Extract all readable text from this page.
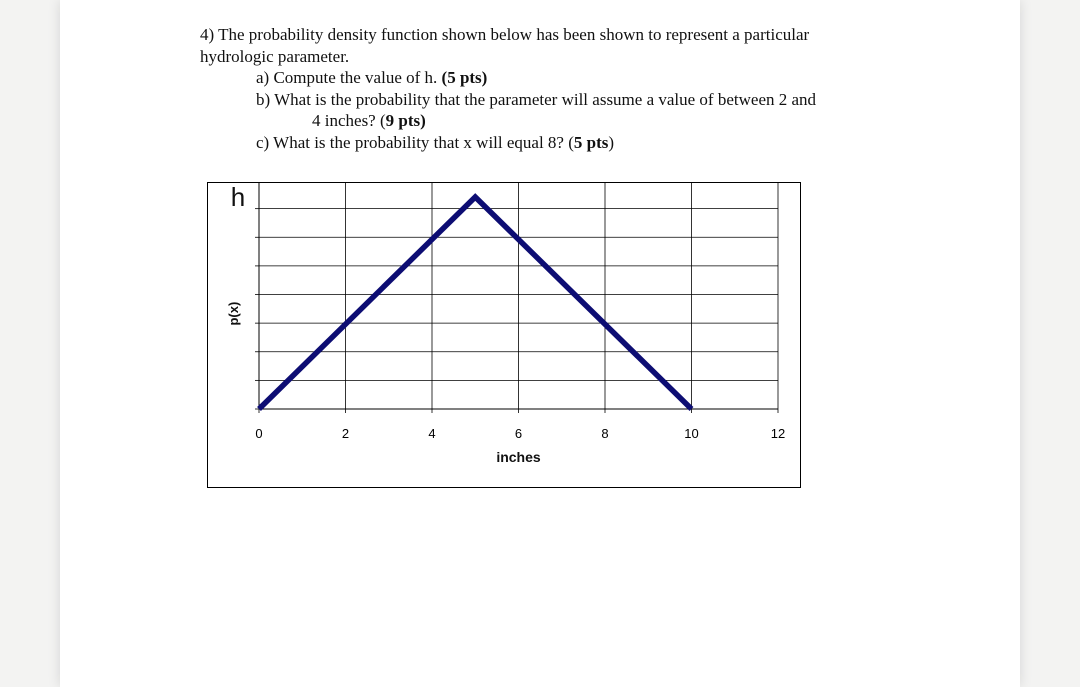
4) The probability density function shown below has been shown to represent a particular

hydrologic parameter.

a) Compute the value of h. (5 pts)

b) What is the probability that the parameter will assume a value of between 2 and

4 inches? (9 pts)

c) What is the probability that x will equal 8? (5 pts)

0	2	4	6	8	10	12
inches
p(x)
h
